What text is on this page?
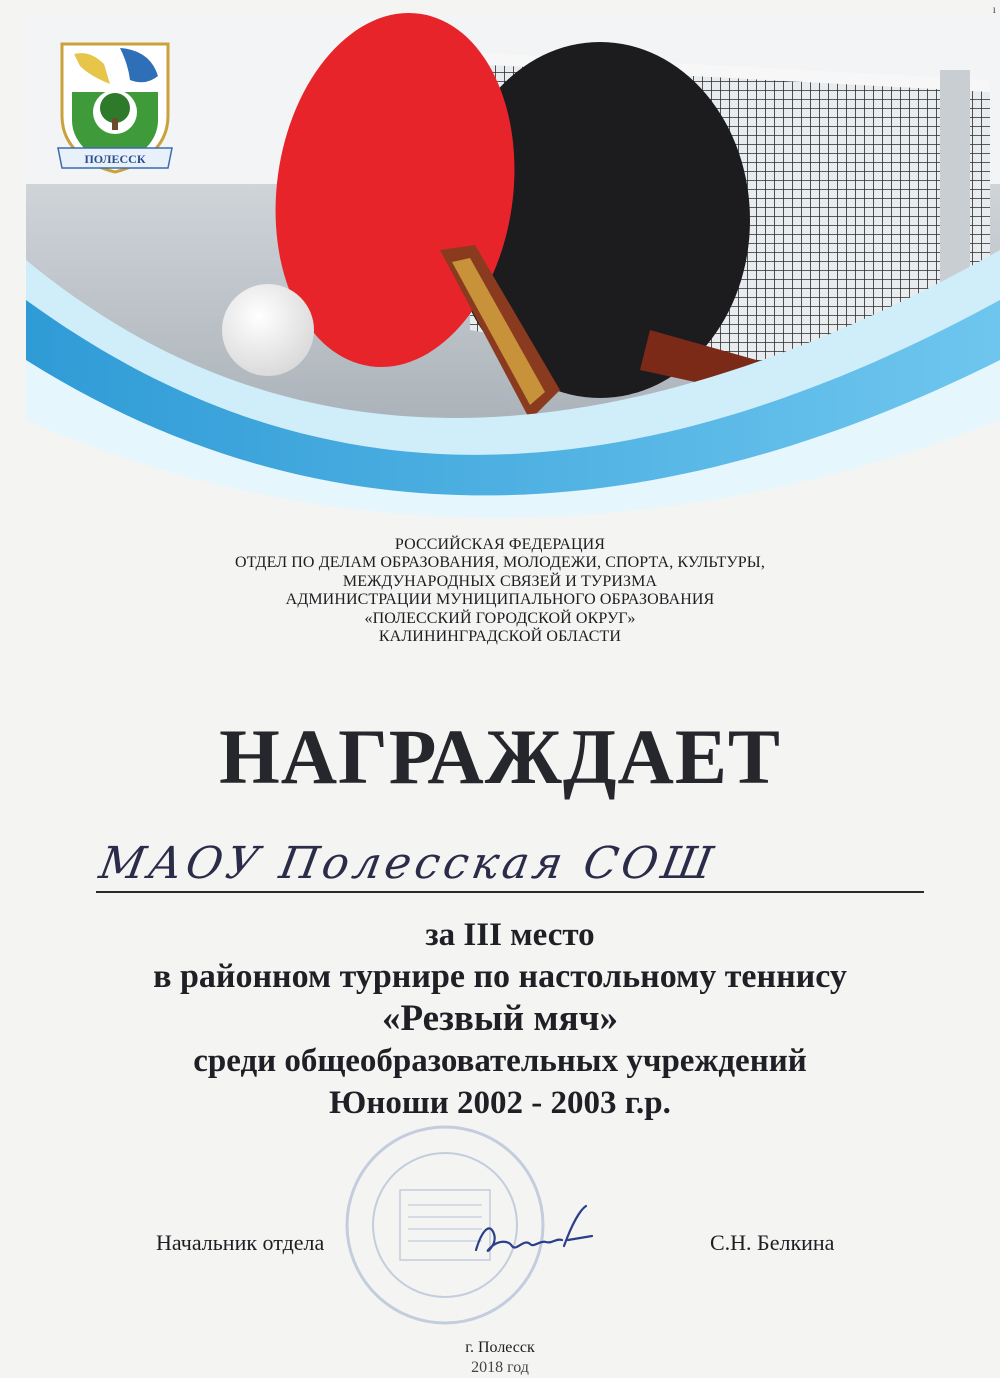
ПОЛЕССК
ı
РОССИЙСКАЯ ФЕДЕРАЦИЯ
ОТДЕЛ ПО ДЕЛАМ ОБРАЗОВАНИЯ, МОЛОДЕЖИ, СПОРТА, КУЛЬТУРЫ,
МЕЖДУНАРОДНЫХ СВЯЗЕЙ И ТУРИЗМА
АДМИНИСТРАЦИИ МУНИЦИПАЛЬНОГО ОБРАЗОВАНИЯ
«ПОЛЕССКИЙ ГОРОДСКОЙ ОКРУГ»
КАЛИНИНГРАДСКОЙ ОБЛАСТИ
НАГРАЖДАЕТ
МАОУ Полесская СОШ
за III место
в районном турнире по настольному теннису
«Резвый мяч»
среди общеобразовательных учреждений
Юноши 2002 - 2003 г.р.
Начальник отдела	С.Н. Белкина
г. Полесск
2018 год
